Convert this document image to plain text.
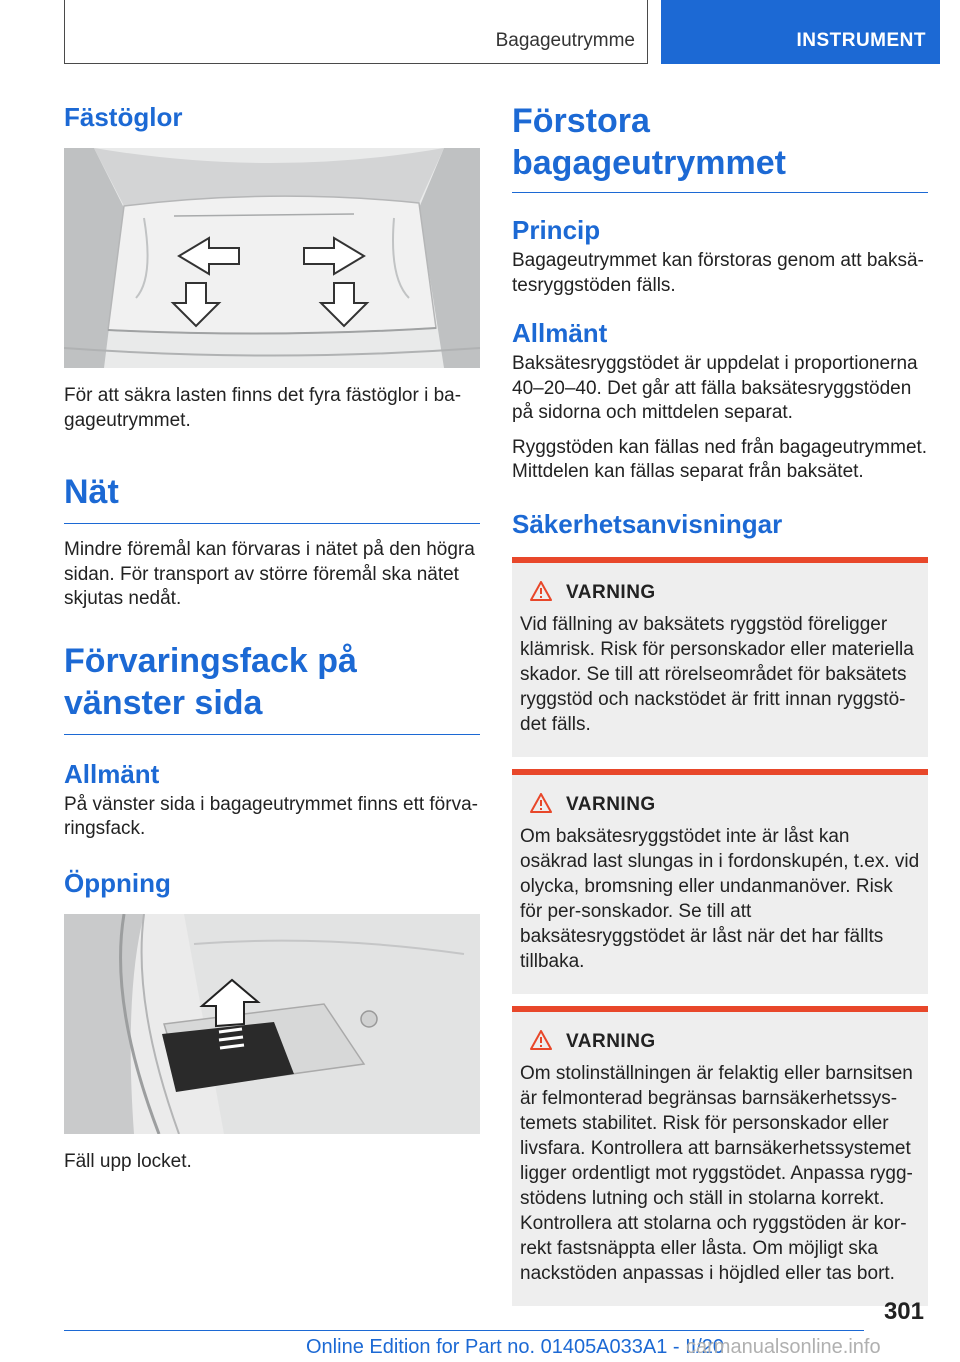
Bagageutrymme	INSTRUMENT
Fästöglor

För att säkra lasten finns det fyra fästöglor i ba-gageutrymmet.

Nät

Mindre föremål kan förvaras i nätet på den högra sidan. För transport av större föremål ska nätet skjutas nedåt.

Förvaringsfack på vänster sida
Allmänt

På vänster sida i bagageutrymmet finns ett förva-ringsfack.

Öppning

Fäll upp locket.

Förstora bagageutrymmet
Princip

Bagageutrymmet kan förstoras genom att baksä-tesryggstöden fälls.

Allmänt

Baksätesryggstödet är uppdelat i proportionerna 40–20–40. Det går att fälla baksätesryggstöden på sidorna och mittdelen separat.

Ryggstöden kan fällas ned från bagageutrymmet. Mittdelen kan fällas separat från baksätet.

Säkerhetsanvisningar
VARNING

Vid fällning av baksätets ryggstöd föreligger klämrisk. Risk för personskador eller materiella skador. Se till att rörelseområdet för baksätets ryggstöd och nackstödet är fritt innan ryggstö-det fälls.

VARNING

Om baksätesryggstödet inte är låst kan osäkrad last slungas in i fordonskupén, t.ex. vid olycka, bromsning eller undanmanöver. Risk för per-sonskador. Se till att baksätesryggstödet är låst när det har fällts tillbaka.

VARNING

Om stolinställningen är felaktig eller barnsitsen är felmonterad begränsas barnsäkerhetssys-temets stabilitet. Risk för personskador eller livsfara. Kontrollera att barnsäkerhetssystemet ligger ordentligt mot ryggstödet. Anpassa rygg-stödens lutning och ställ in stolarna korrekt. Kontrollera att stolarna och ryggstöden är kor-rekt fastsnäppta eller låsta. Om möjligt ska nackstöden anpassas i höjdled eller tas bort.

301
Online Edition for Part no. 01405A033A1 - II/20
carmanualsonline.info
